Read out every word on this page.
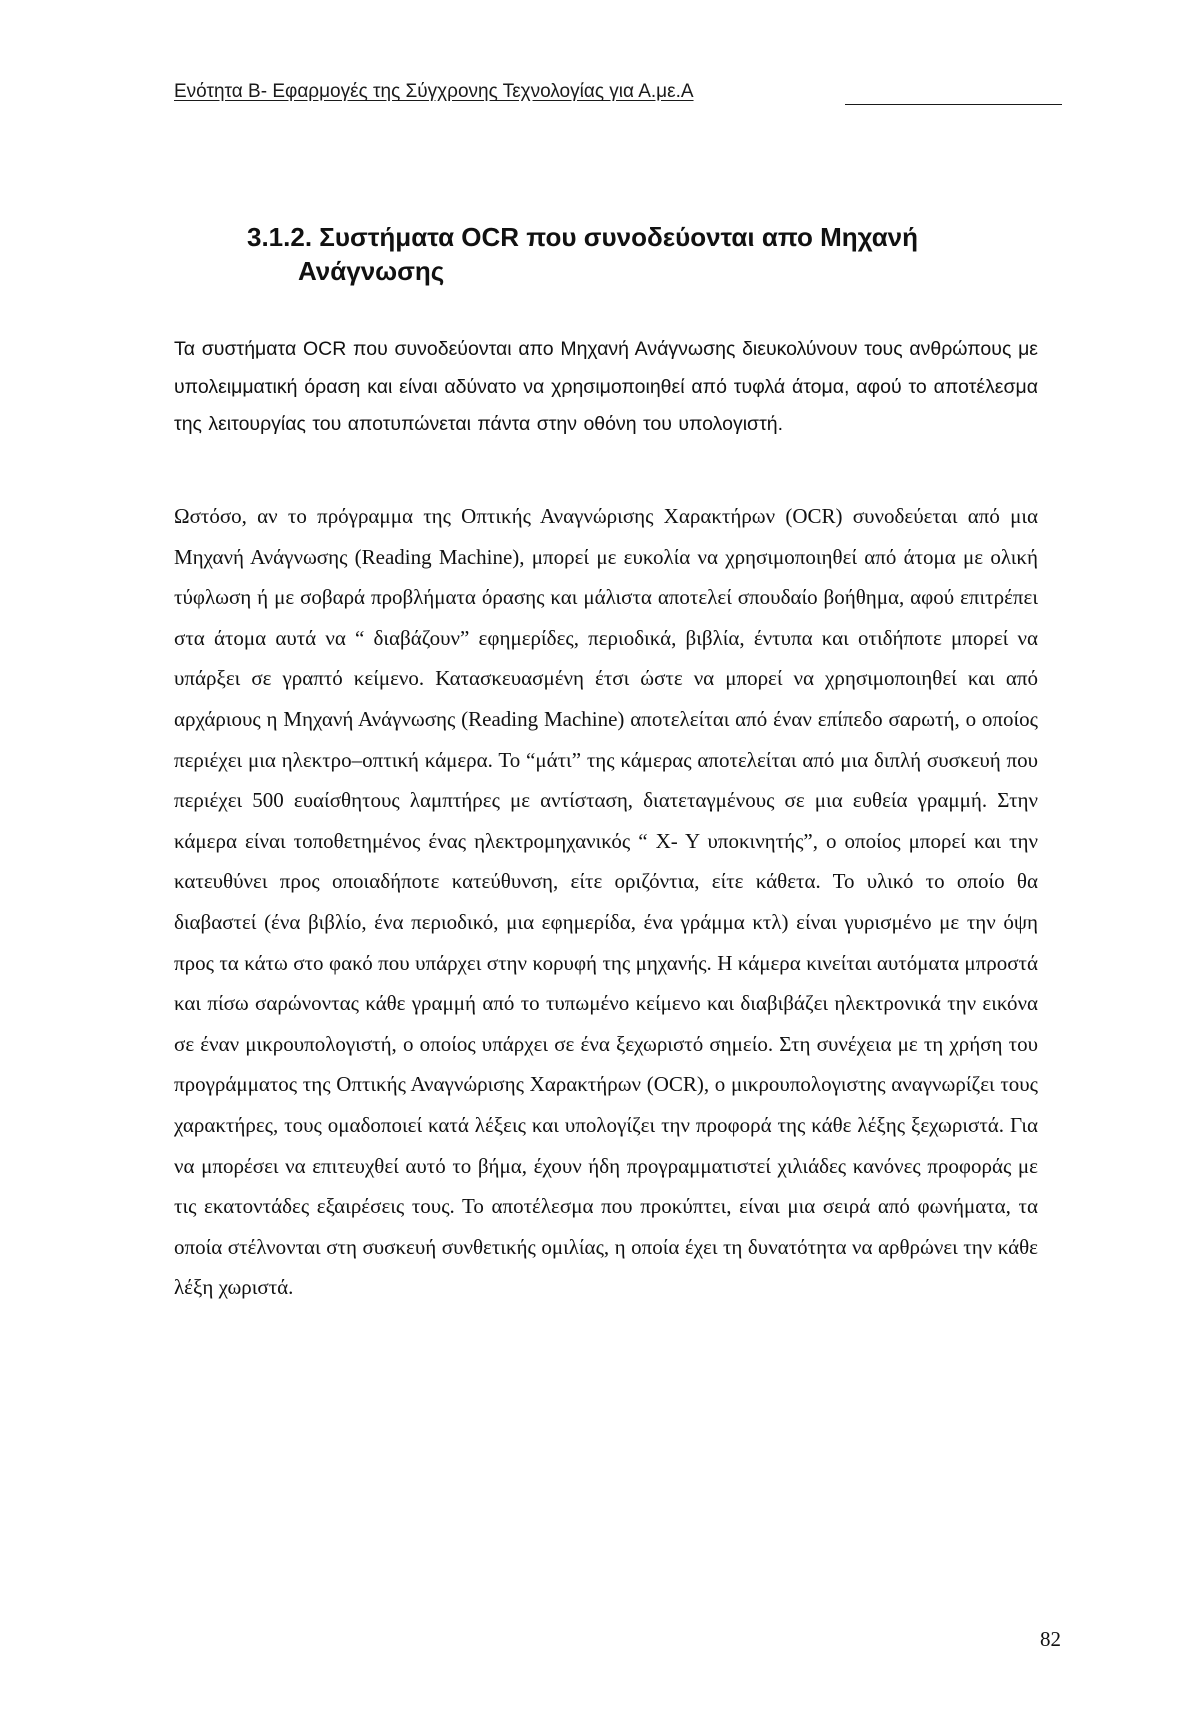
Ενότητα Β- Εφαρμογές της Σύγχρονης Τεχνολογίας για Α.με.Α
3.1.2. Συστήματα OCR που συνοδεύονται απο Μηχανή
Ανάγνωσης

Τα συστήματα OCR που συνοδεύονται απο Μηχανή Ανάγνωσης διευκολύνουν τους ανθρώπους με υπολειμματική όραση και είναι αδύνατο να χρησιμοποιηθεί από τυφλά άτομα, αφού το αποτέλεσμα της λειτουργίας του αποτυπώνεται πάντα στην οθόνη του υπολογιστή.

Ωστόσο, αν το πρόγραμμα της Οπτικής Αναγνώρισης Χαρακτήρων (OCR) συνοδεύεται από μια Μηχανή Ανάγνωσης (Reading Machine), μπορεί με ευκολία να χρησιμοποιηθεί από άτομα με ολική τύφλωση ή με σοβαρά προβλήματα όρασης και μάλιστα αποτελεί σπουδαίο βοήθημα, αφού επιτρέπει στα άτομα αυτά να “ διαβάζουν” εφημερίδες, περιοδικά, βιβλία, έντυπα και οτιδήποτε μπορεί να υπάρξει σε γραπτό κείμενο. Κατασκευασμένη έτσι ώστε να μπορεί να χρησιμοποιηθεί και από αρχάριους η Μηχανή Ανάγνωσης (Reading Machine) αποτελείται από έναν επίπεδο σαρωτή, ο οποίος περιέχει μια ηλεκτρο–οπτική κάμερα. Το “μάτι” της κάμερας αποτελείται από μια διπλή συσκευή που περιέχει 500 ευαίσθητους λαμπτήρες με αντίσταση, διατεταγμένους σε μια ευθεία γραμμή. Στην κάμερα είναι τοποθετημένος ένας ηλεκτρομηχανικός “ X- Y υποκινητής”, ο οποίος μπορεί και την κατευθύνει προς οποιαδήποτε κατεύθυνση, είτε οριζόντια, είτε κάθετα. Το υλικό το οποίο θα διαβαστεί (ένα βιβλίο, ένα περιοδικό, μια εφημερίδα, ένα γράμμα κτλ) είναι γυρισμένο με την όψη προς τα κάτω στο φακό που υπάρχει στην κορυφή της μηχανής. Η κάμερα κινείται αυτόματα μπροστά και πίσω σαρώνοντας κάθε γραμμή από το τυπωμένο κείμενο και διαβιβάζει ηλεκτρονικά την εικόνα σε έναν μικρουπολογιστή, ο οποίος υπάρχει σε ένα ξεχωριστό σημείο. Στη συνέχεια με τη χρήση του προγράμματος της Οπτικής Αναγνώρισης Χαρακτήρων (OCR), ο μικρουπολογιστης αναγνωρίζει τους χαρακτήρες, τους ομαδοποιεί κατά λέξεις και υπολογίζει την προφορά της κάθε λέξης ξεχωριστά. Για να μπορέσει να επιτευχθεί αυτό το βήμα, έχουν ήδη προγραμματιστεί χιλιάδες κανόνες προφοράς με τις εκατοντάδες εξαιρέσεις τους. Το αποτέλεσμα που προκύπτει, είναι μια σειρά από φωνήματα, τα οποία στέλνονται στη συσκευή συνθετικής ομιλίας, η οποία έχει τη δυνατότητα να αρθρώνει την κάθε λέξη χωριστά.

82
